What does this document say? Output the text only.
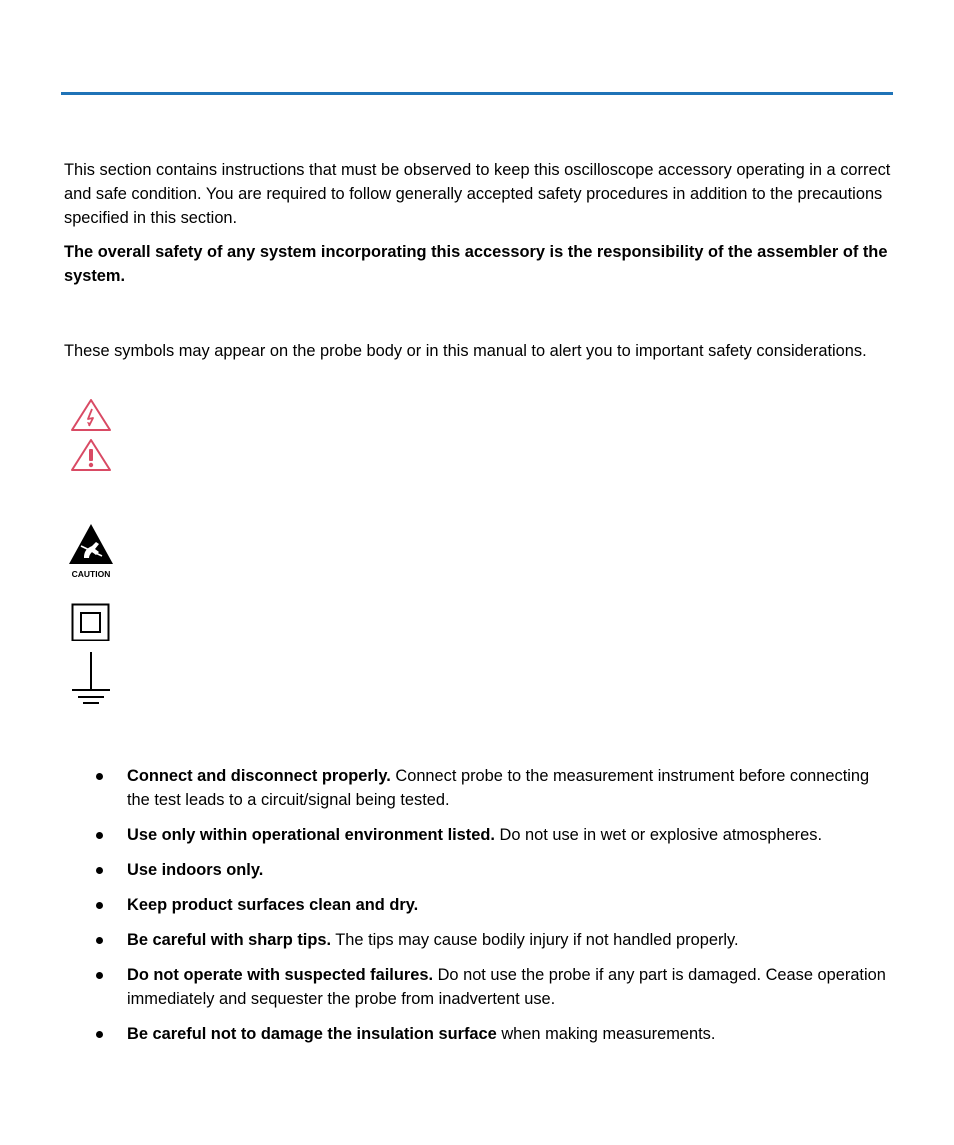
This section contains instructions that must be observed to keep this oscilloscope accessory operating in a correct and safe condition. You are required to follow generally accepted safety procedures in addition to the precautions specified in this section.

The overall safety of any system incorporating this accessory is the responsibility of the assembler of the system.

These symbols may appear on the probe body or in this manual to alert you to important safety considerations.

CAUTION
Connect and disconnect properly. Connect probe to the measurement instrument before connecting the test leads to a circuit/signal being tested.
Use only within operational environment listed. Do not use in wet or explosive atmospheres.
Use indoors only.
Keep product surfaces clean and dry.
Be careful with sharp tips. The tips may cause bodily injury if not handled properly.
Do not operate with suspected failures. Do not use the probe if any part is damaged. Cease operation immediately and sequester the probe from inadvertent use.
Be careful not to damage the insulation surface when making measurements.
